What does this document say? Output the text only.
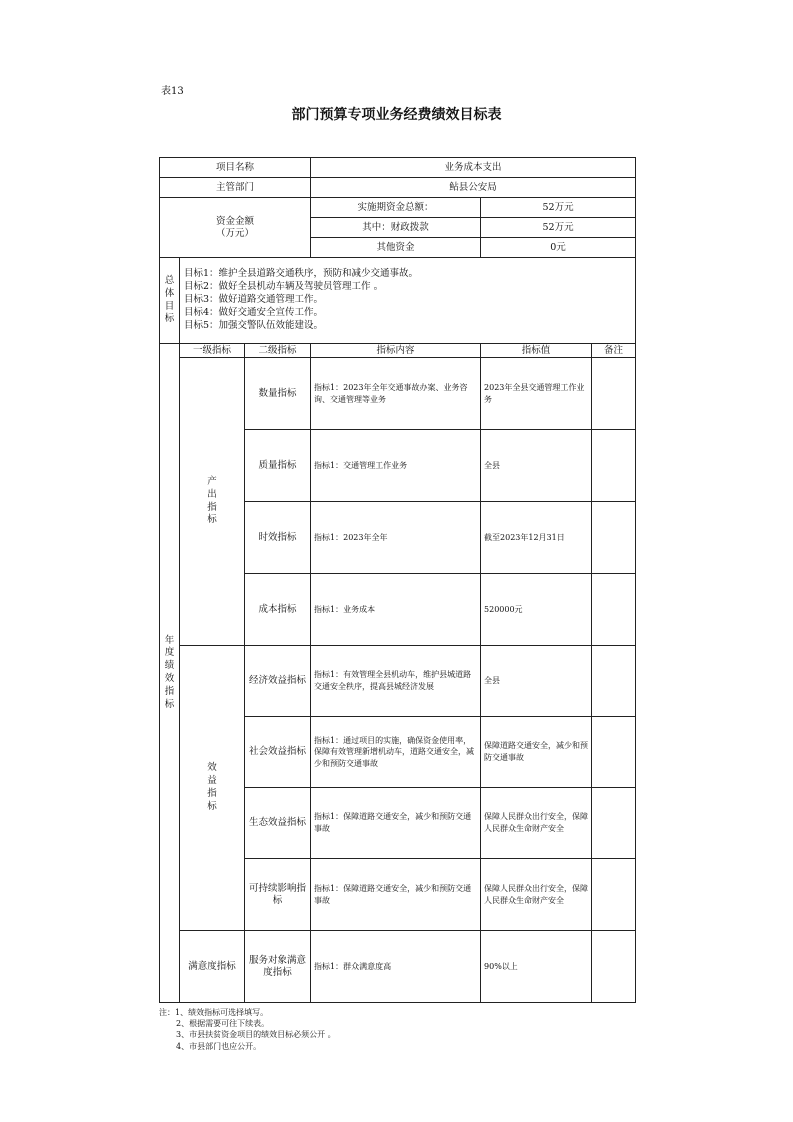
表13
部门预算专项业务经费绩效目标表
项目名称			业务成本支出		
主管部门			鲇县公安局		

资金金额
（万元）			实施期资金总额：	52万元	
			其中：财政拨款	52万元	
			其他资金	0元	

总体目标	目标1：维护全县道路交通秩序，预防和减少交通事故。
目标2：做好全县机动车辆及驾驶员管理工作 。
目标3：做好道路交通管理工作。
目标4：做好交通安全宣传工作。
目标5：加强交警队伍效能建设。				

年度绩效指标	一级指标	二级指标	指标内容	指标值	备注

	产出指标	数量指标	指标1：2023年全年交通事故办案、业务咨询、交通管理等业务	2023年全县交通管理工作业务	
		质量指标	指标1：交通管理工作业务	全县	
		时效指标	指标1：2023年全年	截至2023年12月31日	
		成本指标	指标1：业务成本	520000元	

	效益指标	经济效益指标	指标1：有效管理全县机动车，维护县城道路交通安全秩序，提高县城经济发展	全县	
		社会效益指标	指标1：通过项目的实施，确保资金使用率，保障有效管理新增机动车，道路交通安全，减少和预防交通事故	保障道路交通安全，减少和预防交通事故	
		生态效益指标	指标1：保障道路交通安全，减少和预防交通事故	保障人民群众出行安全，保障人民群众生命财产安全	
		可持续影响指标	指标1：保障道路交通安全，减少和预防交通事故	保障人民群众出行安全，保障人民群众生命财产安全	
	满意度指标	服务对象满意度指标	指标1：群众满意度高	90%以上	
注：1、绩效指标可选择填写。
2、根据需要可往下续表。
3、市县扶贫资金项目的绩效目标必须公开 。
4、市县部门也应公开。
